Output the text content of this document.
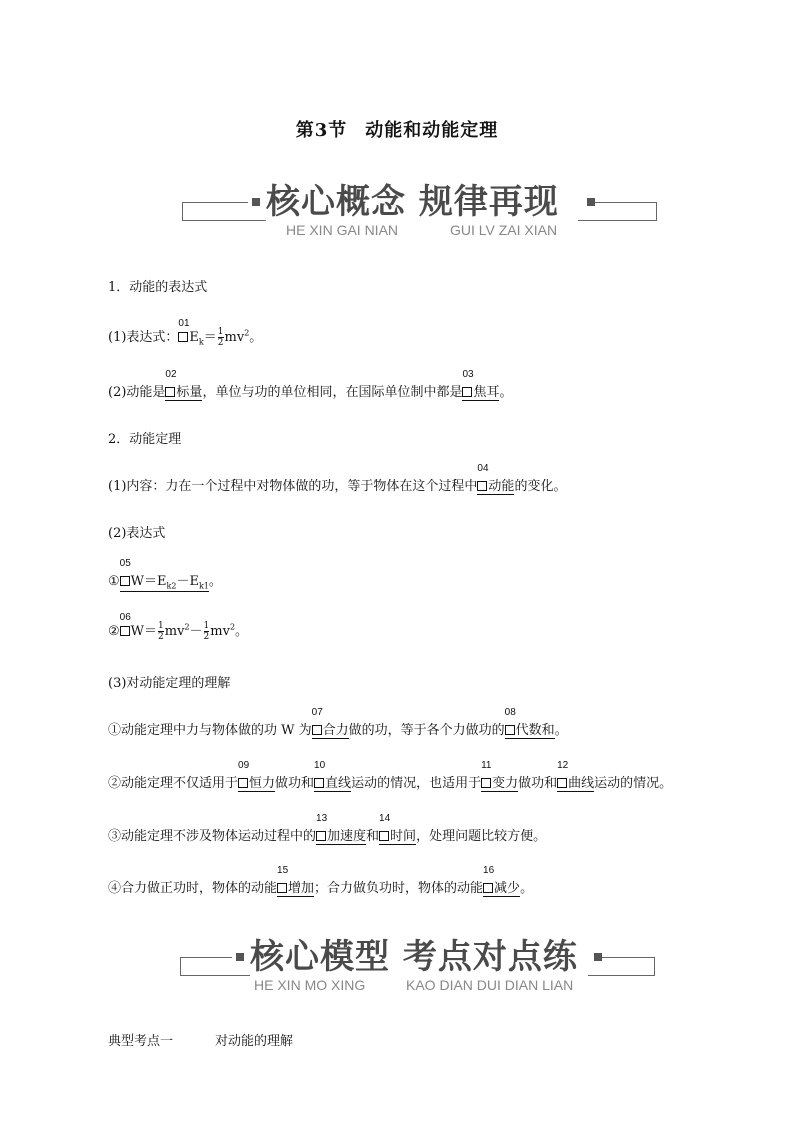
第3节 动能和动能定理
核心概念 规律再现
HE XIN GAI NIAN	GUI LV ZAI XIAN
1．动能的表达式
(1)表达式：
01
$E_k= \frac{1}{2} mv^2$。
(2)动能是
02
标量，单位与功的单位相同，在国际单位制中都是
03
焦耳。
2．动能定理
(1)内容：力在一个过程中对物体做的功，等于物体在这个过程中
04
动能的变化。
(2)表达式
①
05
$W=E_{k2}-E_{k1}$。
②
06
$W= \frac{1}{2} mv^2- \frac{1}{2} mv^2$。
(3)对动能定理的理解
①动能定理中力与物体做的功 W 为
07
合力做的功，等于各个力做功的
08
代数和。
②动能定理不仅适用于
09
恒力做功和
10
直线运动的情况，也适用于
11
变力做功和
12
曲线运动的情况。
③动能定理不涉及物体运动过程中的
13
加速度和
14
时间，处理问题比较方便。
④合力做正功时，物体的动能
15
增加；合力做负功时，物体的动能
16
减少。
核心模型 考点对点练
HE XIN MO XING	KAO DIAN DUI DIAN LIAN
典型考点一	对动能的理解
